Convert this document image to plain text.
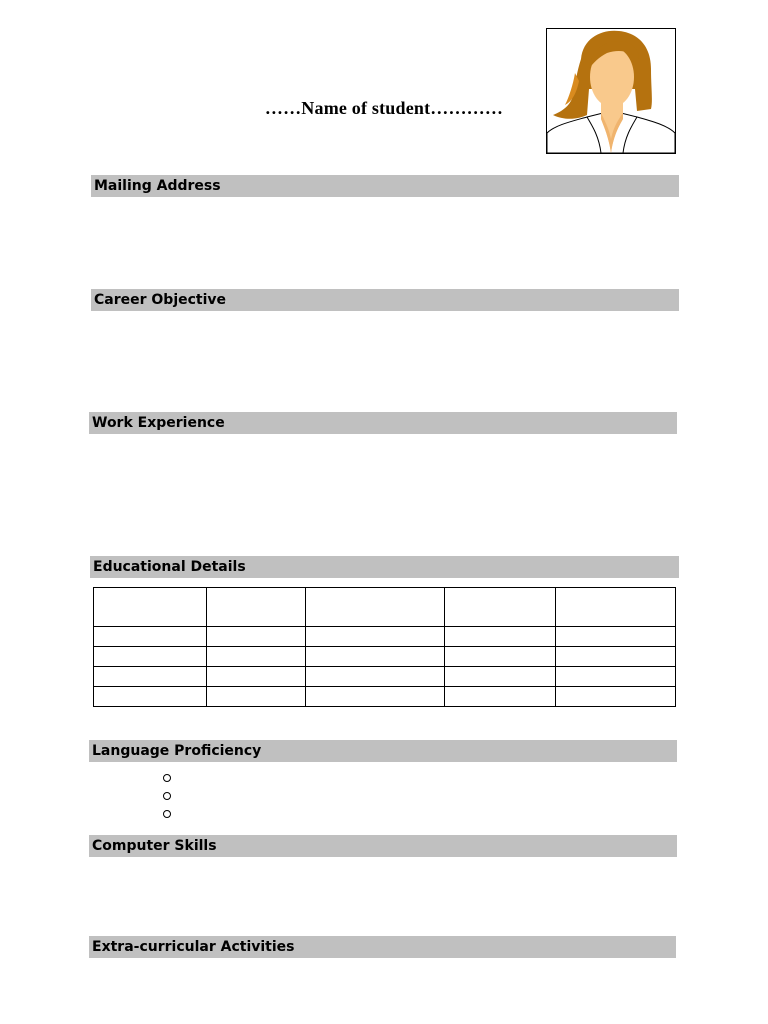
……Name of student…………
Mailing Address
Career Objective
Work Experience
Educational Details

Language Proficiency
Computer Skills
Extra-curricular Activities
